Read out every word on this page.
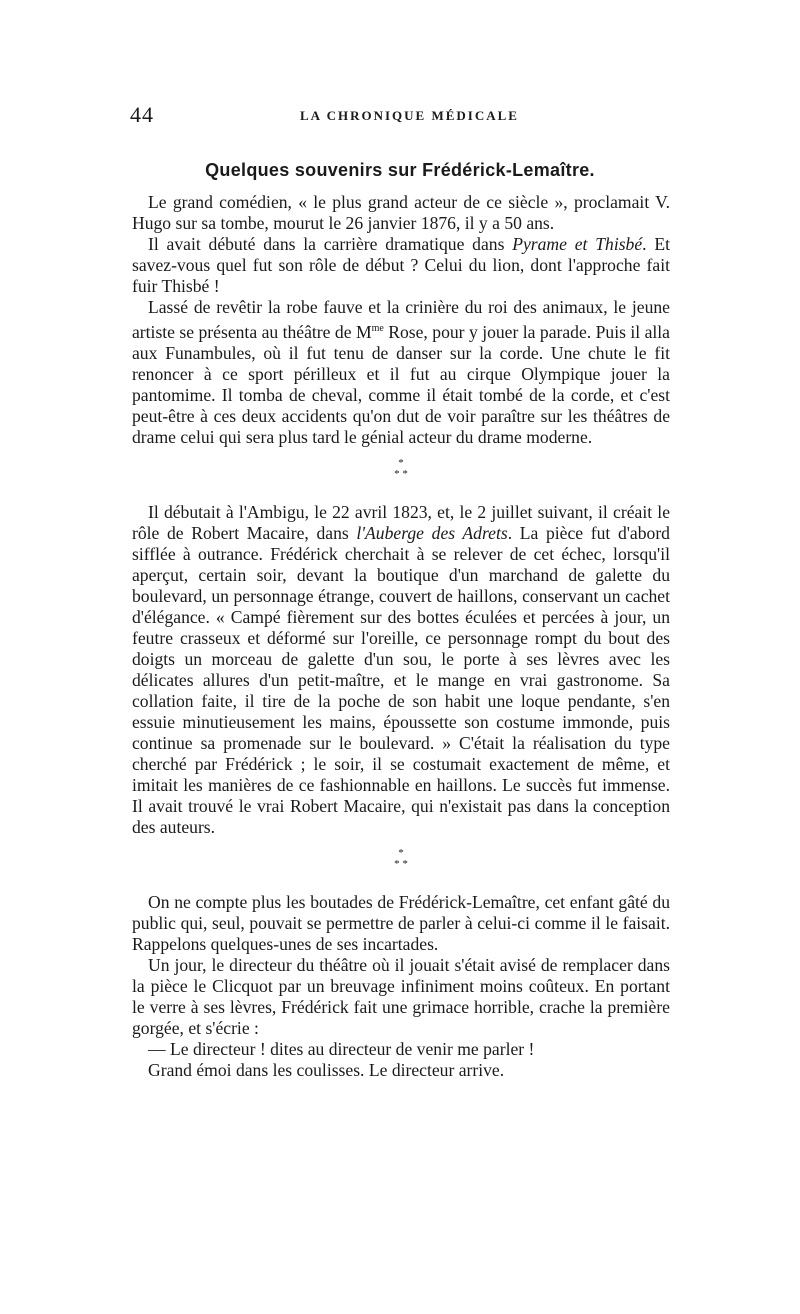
44	LA CHRONIQUE MÉDICALE
Quelques souvenirs sur Frédérick-Lemaître.

Le grand comédien, « le plus grand acteur de ce siècle », proclamait V. Hugo sur sa tombe, mourut le 26 janvier 1876, il y a 50 ans.

Il avait débuté dans la carrière dramatique dans Pyrame et Thisbé. Et savez-vous quel fut son rôle de début ? Celui du lion, dont l'approche fait fuir Thisbé !

Lassé de revêtir la robe fauve et la crinière du roi des animaux, le jeune artiste se présenta au théâtre de $M^{me}$ Rose, pour y jouer la parade. Puis il alla aux Funambules, où il fut tenu de danser sur la corde. Une chute le fit renoncer à ce sport périlleux et il fut au cirque Olympique jouer la pantomime. Il tomba de cheval, comme il était tombé de la corde, et c'est peut-être à ces deux accidents qu'on dut de voir paraître sur les théâtres de drame celui qui sera plus tard le génial acteur du drame moderne.

*
* *

Il débutait à l'Ambigu, le 22 avril 1823, et, le 2 juillet suivant, il créait le rôle de Robert Macaire, dans l'Auberge des Adrets. La pièce fut d'abord sifflée à outrance. Frédérick cherchait à se relever de cet échec, lorsqu'il aperçut, certain soir, devant la boutique d'un marchand de galette du boulevard, un personnage étrange, couvert de haillons, conservant un cachet d'élégance. « Campé fièrement sur des bottes éculées et percées à jour, un feutre crasseux et déformé sur l'oreille, ce personnage rompt du bout des doigts un morceau de galette d'un sou, le porte à ses lèvres avec les délicates allures d'un petit-maître, et le mange en vrai gastronome. Sa collation faite, il tire de la poche de son habit une loque pendante, s'en essuie minutieusement les mains, époussette son costume immonde, puis continue sa promenade sur le boulevard. » C'était la réalisation du type cherché par Frédérick ; le soir, il se costumait exactement de même, et imitait les manières de ce fashionnable en haillons. Le succès fut immense. Il avait trouvé le vrai Robert Macaire, qui n'existait pas dans la conception des auteurs.

*
* *

On ne compte plus les boutades de Frédérick-Lemaître, cet enfant gâté du public qui, seul, pouvait se permettre de parler à celui-ci comme il le faisait. Rappelons quelques-unes de ses incartades.

Un jour, le directeur du théâtre où il jouait s'était avisé de remplacer dans la pièce le Clicquot par un breuvage infiniment moins coûteux. En portant le verre à ses lèvres, Frédérick fait une grimace horrible, crache la première gorgée, et s'écrie :

— Le directeur ! dites au directeur de venir me parler !

Grand émoi dans les coulisses. Le directeur arrive.
